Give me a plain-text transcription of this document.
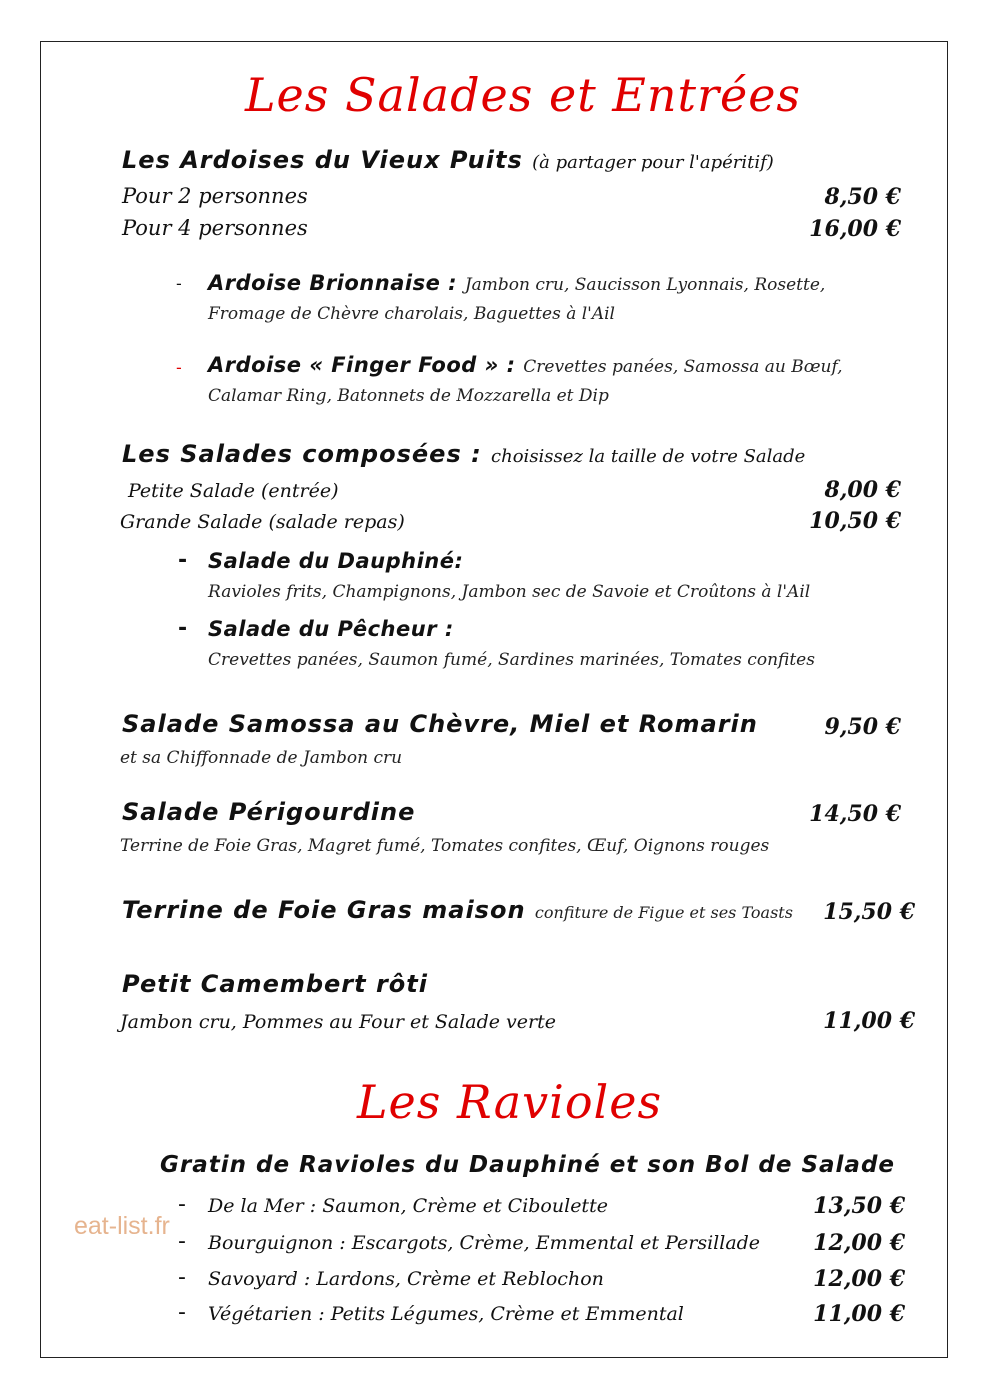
Les Salades et Entrées
Les Ardoises du Vieux Puits (à partager pour l'apéritif)
Pour 2 personnes	8,50 €
Pour 4 personnes	16,00 €
- Ardoise Brionnaise : Jambon cru, Saucisson Lyonnais, Rosette,
Fromage de Chèvre charolais, Baguettes à l'Ail
- Ardoise « Finger Food » : Crevettes panées, Samossa au Bœuf,
Calamar Ring, Batonnets de Mozzarella et Dip
Les Salades composées : choisissez la taille de votre Salade
Petite Salade (entrée)	8,00 €
Grande Salade (salade repas)	10,50 €
- Salade du Dauphiné:
Ravioles frits, Champignons, Jambon sec de Savoie et Croûtons à l'Ail
- Salade du Pêcheur :
Crevettes panées, Saumon fumé, Sardines marinées, Tomates confites
Salade Samossa au Chèvre, Miel et Romarin	9,50 €
et sa Chiffonnade de Jambon cru
Salade Périgourdine	14,50 €
Terrine de Foie Gras, Magret fumé, Tomates confites, Œuf, Oignons rouges
Terrine de Foie Gras maison confiture de Figue et ses Toasts 15,50 €
Petit Camembert rôti
Jambon cru, Pommes au Four et Salade verte	11,00 €
Les Ravioles
Gratin de Ravioles du Dauphiné et son Bol de Salade
- De la Mer : Saumon, Crème et Ciboulette	13,50 €
- Bourguignon : Escargots, Crème, Emmental et Persillade 12,00 €
- Savoyard : Lardons, Crème et Reblochon	12,00 €
- Végétarien : Petits Légumes, Crème et Emmental	11,00 €
eat-list.fr
